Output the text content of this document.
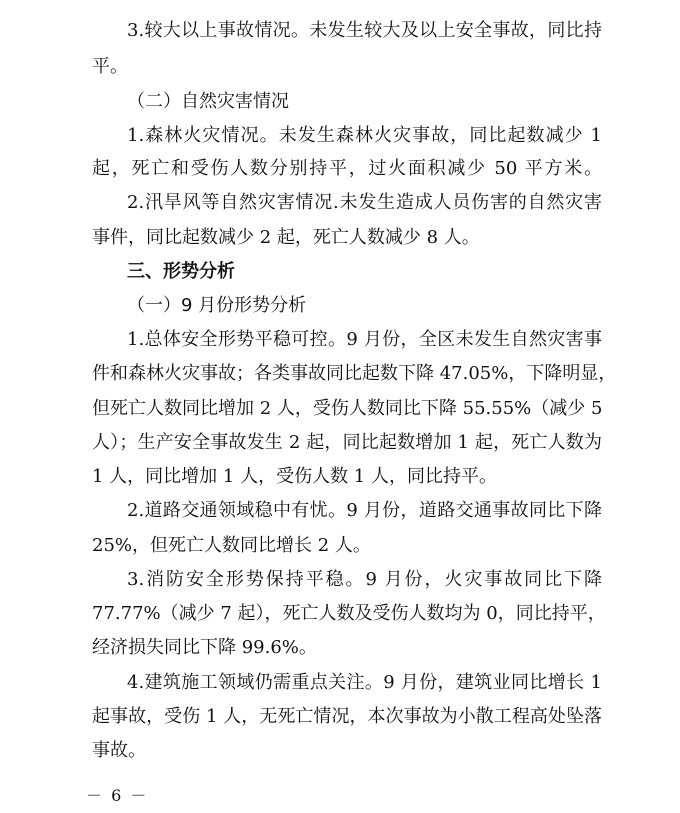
3.较大以上事故情况。未发生较大及以上安全事故，同比持
平。
（二）自然灾害情况
1.森林火灾情况。未发生森林火灾事故，同比起数减少 1
起，死亡和受伤人数分别持平，过火面积减少 50 平方米。
2.汛旱风等自然灾害情况.未发生造成人员伤害的自然灾害
事件，同比起数减少 2 起，死亡人数减少 8 人。
三、形势分析
（一）9 月份形势分析
1.总体安全形势平稳可控。9 月份，全区未发生自然灾害事
件和森林火灾事故；各类事故同比起数下降 47.05%，下降明显，
但死亡人数同比增加 2 人，受伤人数同比下降 55.55%（减少 5
人）；生产安全事故发生 2 起，同比起数增加 1 起，死亡人数为
1 人，同比增加 1 人，受伤人数 1 人，同比持平。
2.道路交通领域稳中有忧。9 月份，道路交通事故同比下降
25%，但死亡人数同比增长 2 人。
3.消防安全形势保持平稳。9 月份，火灾事故同比下降
77.77%（减少 7 起），死亡人数及受伤人数均为 0，同比持平，
经济损失同比下降 99.6%。
4.建筑施工领域仍需重点关注。9 月份，建筑业同比增长 1
起事故，受伤 1 人，无死亡情况，本次事故为小散工程高处坠落
事故。
－ 6 －
